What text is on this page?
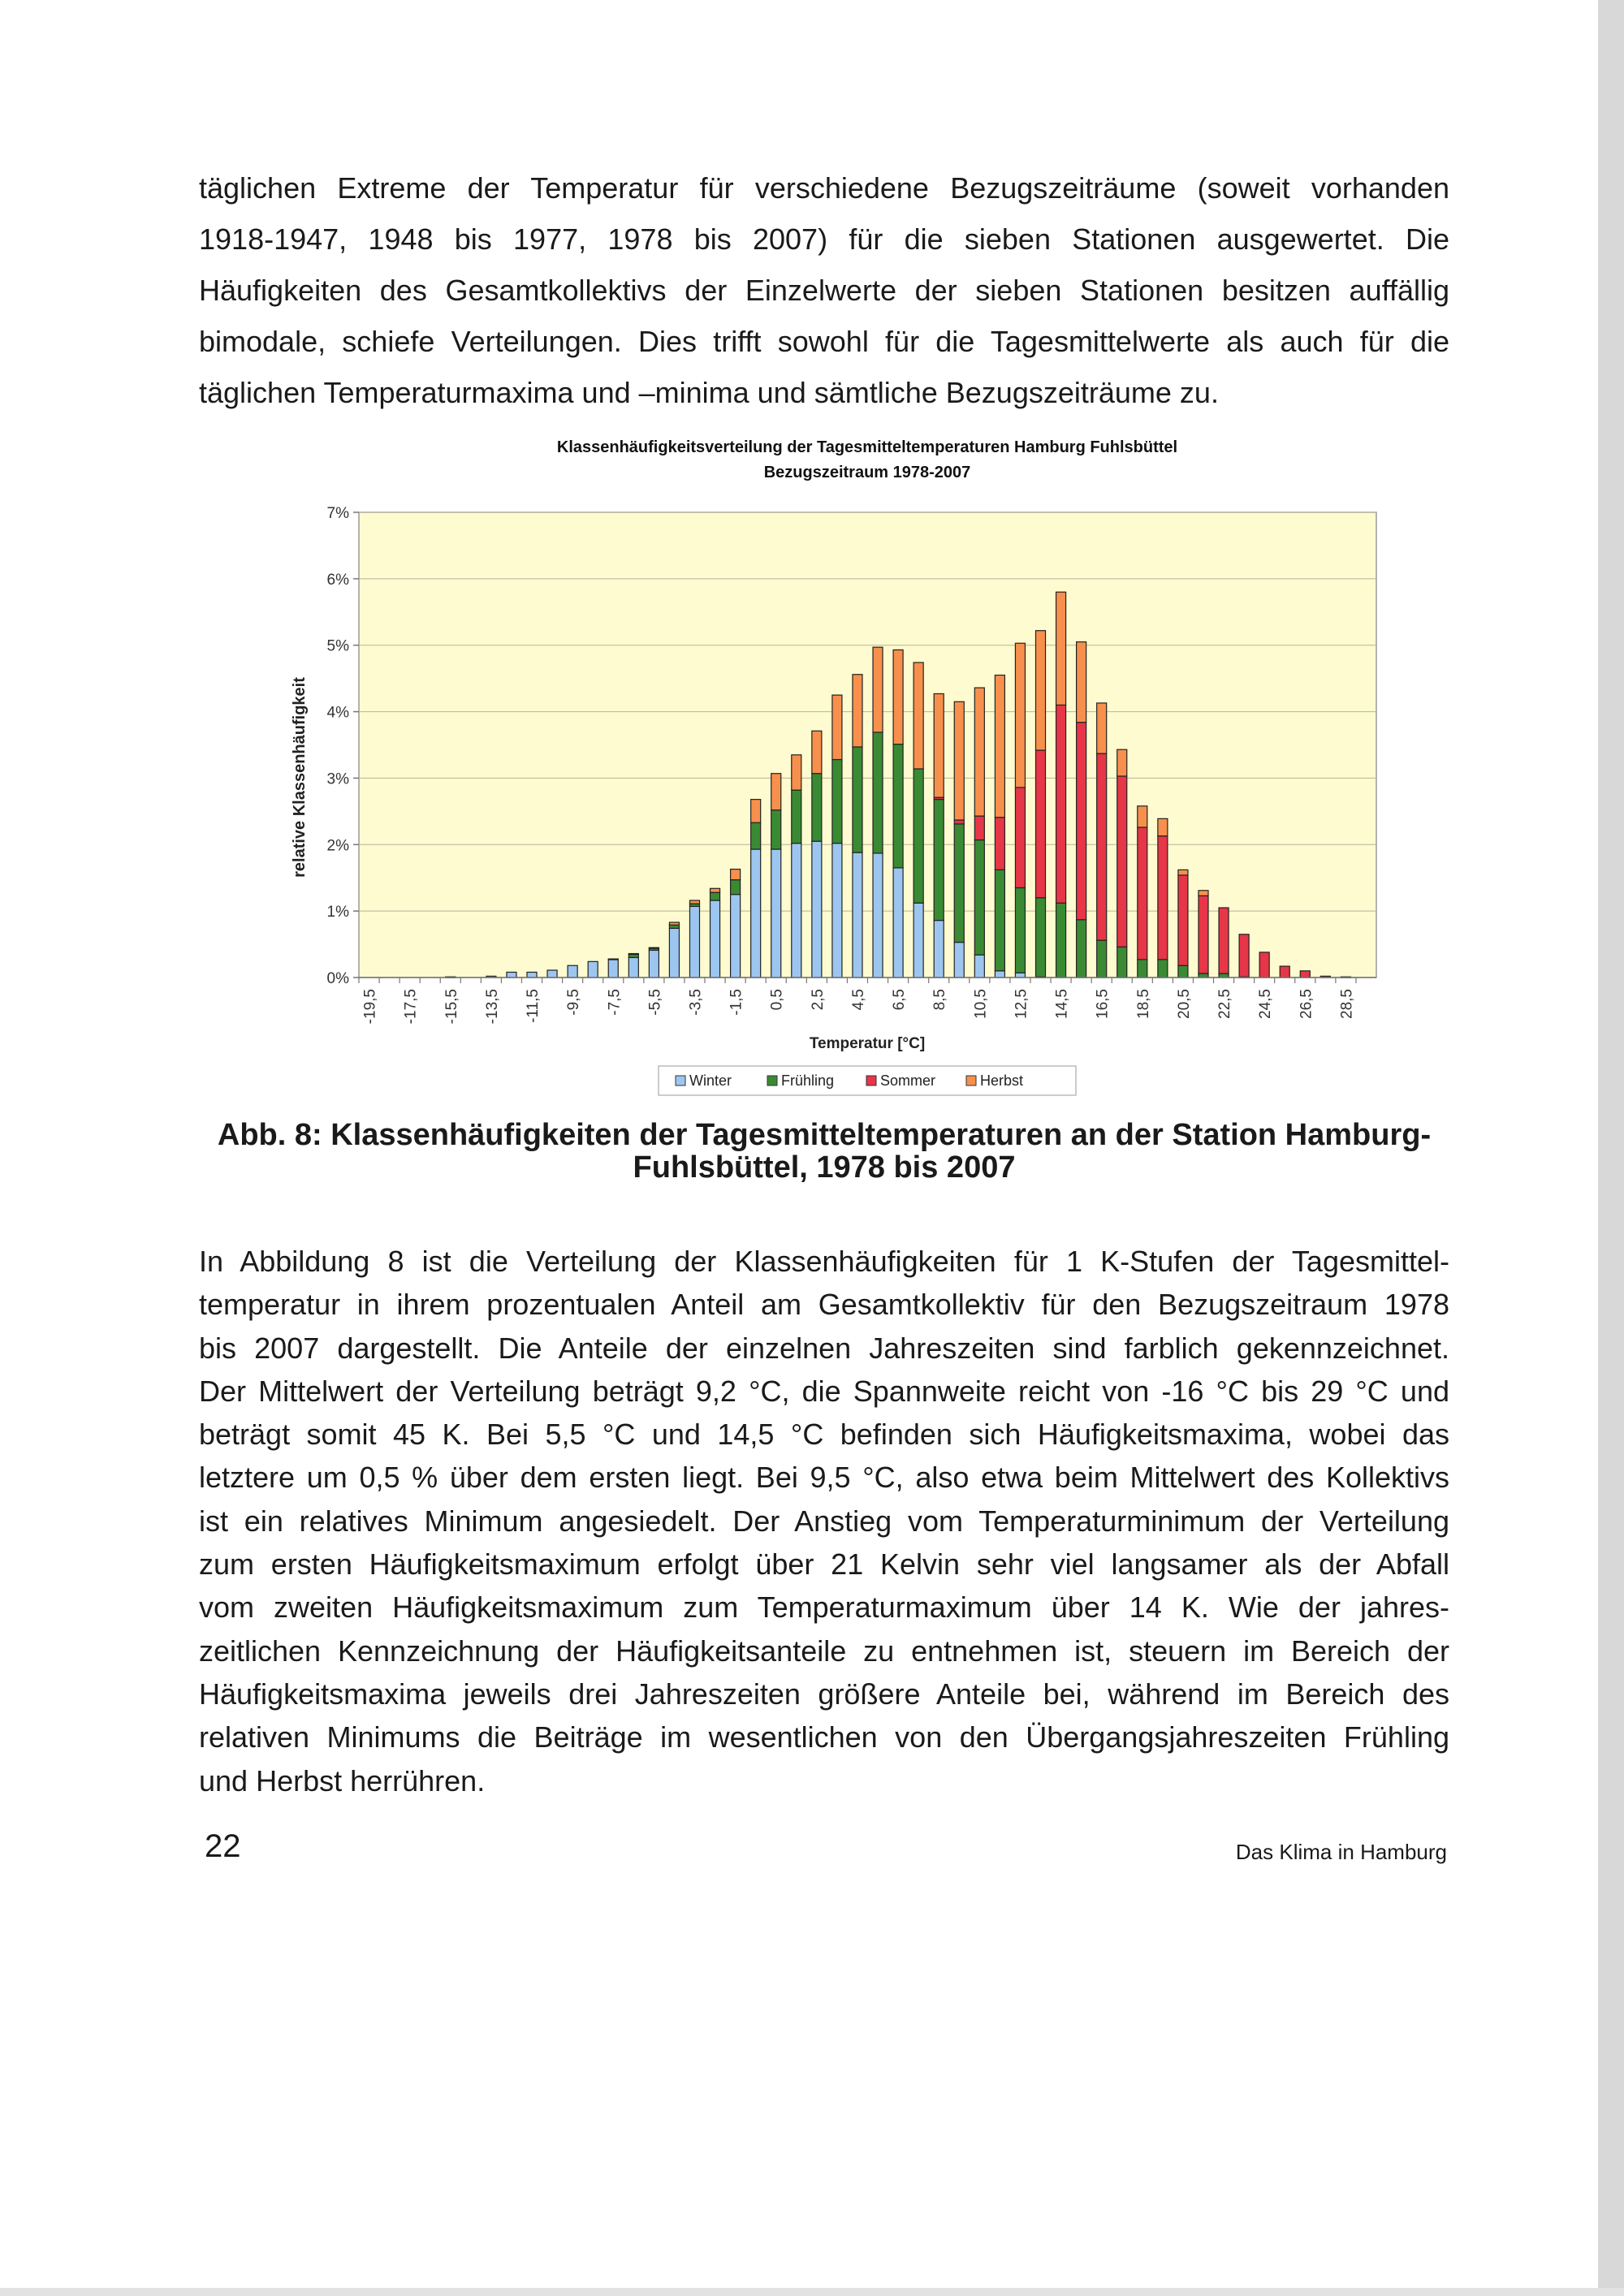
täglichen Extreme der Temperatur für verschiedene Bezugszeiträume (soweit vorhanden
1918-1947, 1948 bis 1977, 1978 bis 2007) für die sieben Stationen ausgewertet. Die
Häufigkeiten des Gesamtkollektivs der Einzelwerte der sieben Stationen besitzen auffällig
bimodale, schiefe Verteilungen. Dies trifft sowohl für die Tagesmittelwerte als auch für die
täglichen Temperaturmaxima und –minima und sämtliche Bezugszeiträume zu.
Klassenhäufigkeitsverteilung der Tagesmitteltemperaturen Hamburg Fuhlsbüttel
Bezugszeitraum 1978-2007
0%
1%
2%
3%
4%
5%
6%
7%
relative Klassenhäufigkeit
-19,5 -17,5 -15,5 -13,5 -11,5 -9,5 -7,5 -5,5 -3,5 -1,5 0,5 2,5 4,5 6,5 8,5 10,5 12,5 14,5 16,5 18,5 20,5 22,5 24,5 26,5 28,5
Temperatur [°C]
Winter	Frühling	Sommer	Herbst
Abb. 8: Klassenhäufigkeiten der Tagesmitteltemperaturen an der Station Hamburg-
Fuhlsbüttel, 1978 bis 2007
In Abbildung 8 ist die Verteilung der Klassenhäufigkeiten für 1 K-Stufen der Tagesmittel-
temperatur in ihrem prozentualen Anteil am Gesamtkollektiv für den Bezugszeitraum 1978
bis 2007 dargestellt. Die Anteile der einzelnen Jahreszeiten sind farblich gekennzeichnet.
Der Mittelwert der Verteilung beträgt 9,2 °C, die Spannweite reicht von -16 °C bis 29 °C und
beträgt somit 45 K. Bei 5,5 °C und 14,5 °C befinden sich Häufigkeitsmaxima, wobei das
letztere um 0,5 % über dem ersten liegt. Bei 9,5 °C, also etwa beim Mittelwert des Kollektivs
ist ein relatives Minimum angesiedelt. Der Anstieg vom Temperaturminimum der Verteilung
zum ersten Häufigkeitsmaximum erfolgt über 21 Kelvin sehr viel langsamer als der Abfall
vom zweiten Häufigkeitsmaximum zum Temperaturmaximum über 14 K. Wie der jahres-
zeitlichen Kennzeichnung der Häufigkeitsanteile zu entnehmen ist, steuern im Bereich der
Häufigkeitsmaxima jeweils drei Jahreszeiten größere Anteile bei, während im Bereich des
relativen Minimums die Beiträge im wesentlichen von den Übergangsjahreszeiten Frühling
und Herbst herrühren.
22	Das Klima in Hamburg
